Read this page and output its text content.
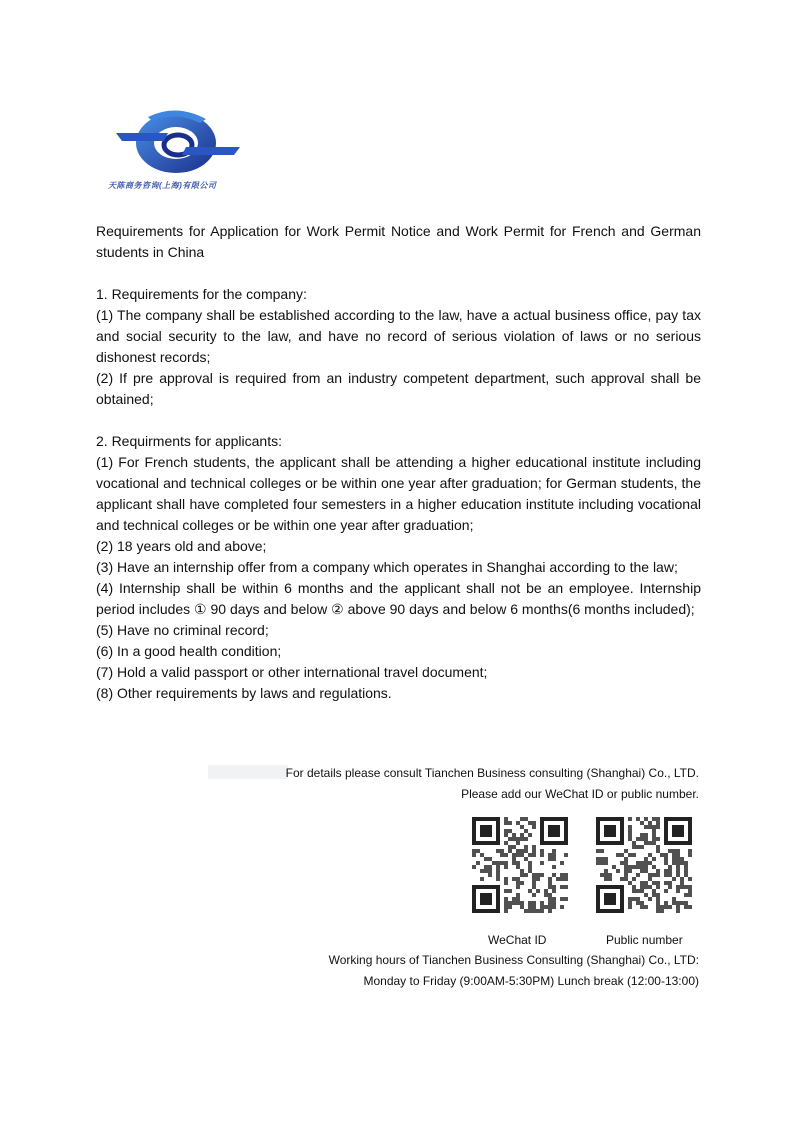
天陈商务咨询(上海)有限公司

Requirements for Application for Work Permit Notice and Work Permit for French and German students in China

1. Requirements for the company:

(1) The company shall be established according to the law, have a actual business office, pay tax and social security to the law, and have no record of serious violation of laws or no serious dishonest records;

(2) If pre approval is required from an industry competent department, such approval shall be obtained;

2. Requirments for applicants:

(1) For French students, the applicant shall be attending a higher educational institute including vocational and technical colleges or be within one year after graduation; for German students, the applicant shall have completed four semesters in a higher education institute including vocational and technical colleges or be within one year after graduation;

(2) 18 years old and above;

(3) Have an internship offer from a company which operates in Shanghai according to the law;

(4) Internship shall be within 6 months and the applicant shall not be an employee. Internship period includes ① 90 days and below ② above 90 days and below 6 months(6 months included);

(5) Have no criminal record;

(6) In a good health condition;

(7) Hold a valid passport or other international travel document;

(8) Other requirements by laws and regulations.

For details please consult Tianchen Business consulting (Shanghai) Co., LTD.
Please add our WeChat ID or public number.
WeChat ID	Public number
Working hours of Tianchen Business Consulting (Shanghai) Co., LTD:
Monday to Friday (9:00AM-5:30PM) Lunch break (12:00-13:00)
